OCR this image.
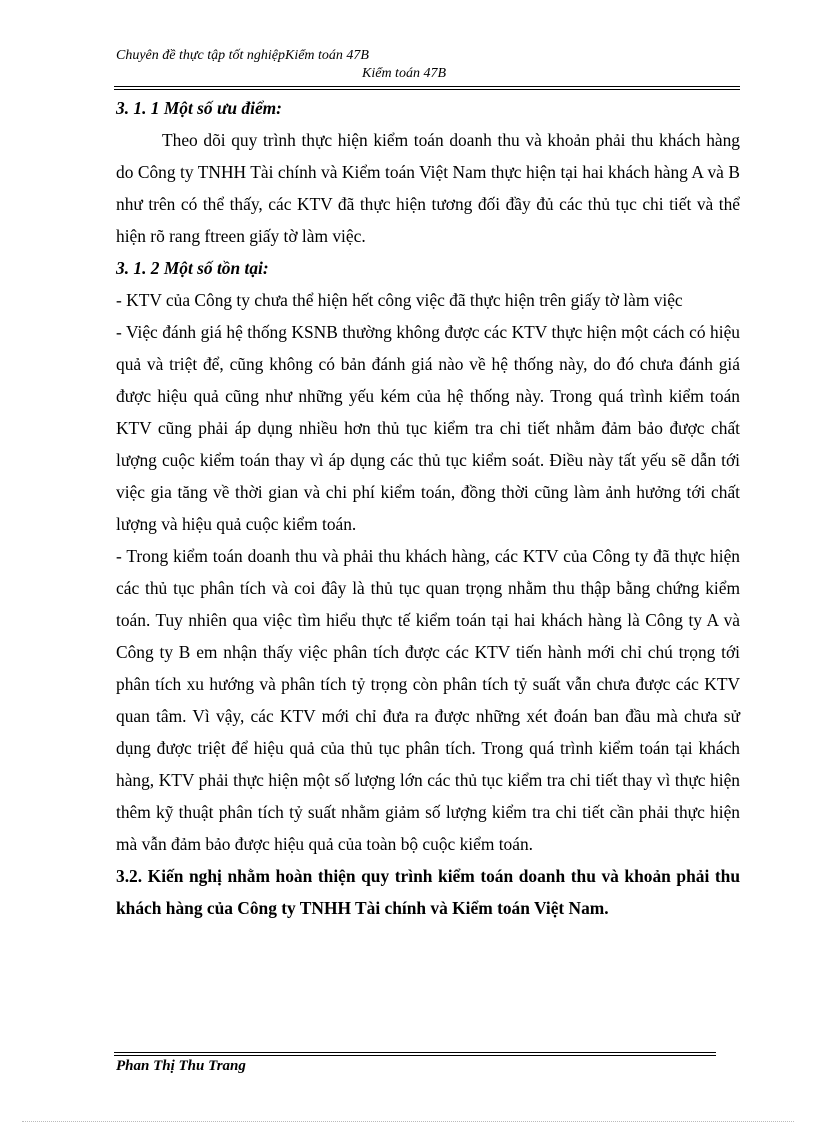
Chuyên đề thực tập tốt nghiệpKiểm toán 47B
Kiểm toán 47B

3. 1. 1 Một số ưu điểm:

Theo dõi quy trình thực hiện kiểm toán doanh thu và khoản phải thu khách hàng do Công ty TNHH Tài chính và Kiểm toán Việt Nam thực hiện tại hai khách hàng A và B như trên có thể thấy, các KTV đã thực hiện tương đối đầy đủ các thủ tục chi tiết và thể hiện rõ rang ftreen giấy tờ làm việc.

3. 1. 2 Một số tồn tại:

- KTV của Công ty chưa thể hiện hết công việc đã thực hiện trên giấy tờ làm việc

- Việc đánh giá hệ thống KSNB thường không được các KTV thực hiện một cách có hiệu quả và triệt để, cũng không có bản đánh giá nào về hệ thống này, do đó chưa đánh giá được hiệu quả cũng như những yếu kém của hệ thống này. Trong quá trình kiểm toán KTV cũng phải áp dụng nhiều hơn thủ tục kiểm tra chi tiết nhằm đảm bảo được chất lượng cuộc kiểm toán thay vì áp dụng các thủ tục kiểm soát. Điều này tất yếu sẽ dẫn tới việc gia tăng về thời gian và chi phí kiểm toán, đồng thời cũng làm ảnh hưởng tới chất lượng và hiệu quả cuộc kiểm toán.

- Trong kiểm toán doanh thu và phải thu khách hàng, các KTV của Công ty đã thực hiện các thủ tục phân tích và coi đây là thủ tục quan trọng nhằm thu thập bằng chứng kiểm toán. Tuy nhiên qua việc tìm hiểu thực tế kiểm toán tại hai khách hàng là Công ty A và Công ty B em nhận thấy việc phân tích được các KTV tiến hành mới chỉ chú trọng tới phân tích xu hướng và phân tích tỷ trọng còn phân tích tỷ suất vẫn chưa được các KTV quan tâm. Vì vậy, các KTV mới chỉ đưa ra được những xét đoán ban đầu mà chưa sử dụng được triệt để hiệu quả của thủ tục phân tích. Trong quá trình kiểm toán tại khách hàng, KTV phải thực hiện một số lượng lớn các thủ tục kiểm tra chi tiết thay vì thực hiện thêm kỹ thuật phân tích tỷ suất nhằm giảm số lượng kiểm tra chi tiết cần phải thực hiện mà vẫn đảm bảo được hiệu quả của toàn bộ cuộc kiểm toán.

3.2. Kiến nghị nhằm hoàn thiện quy trình kiểm toán doanh thu và khoản phải thu khách hàng của Công ty TNHH Tài chính và Kiểm toán Việt Nam.

Phan Thị Thu Trang
